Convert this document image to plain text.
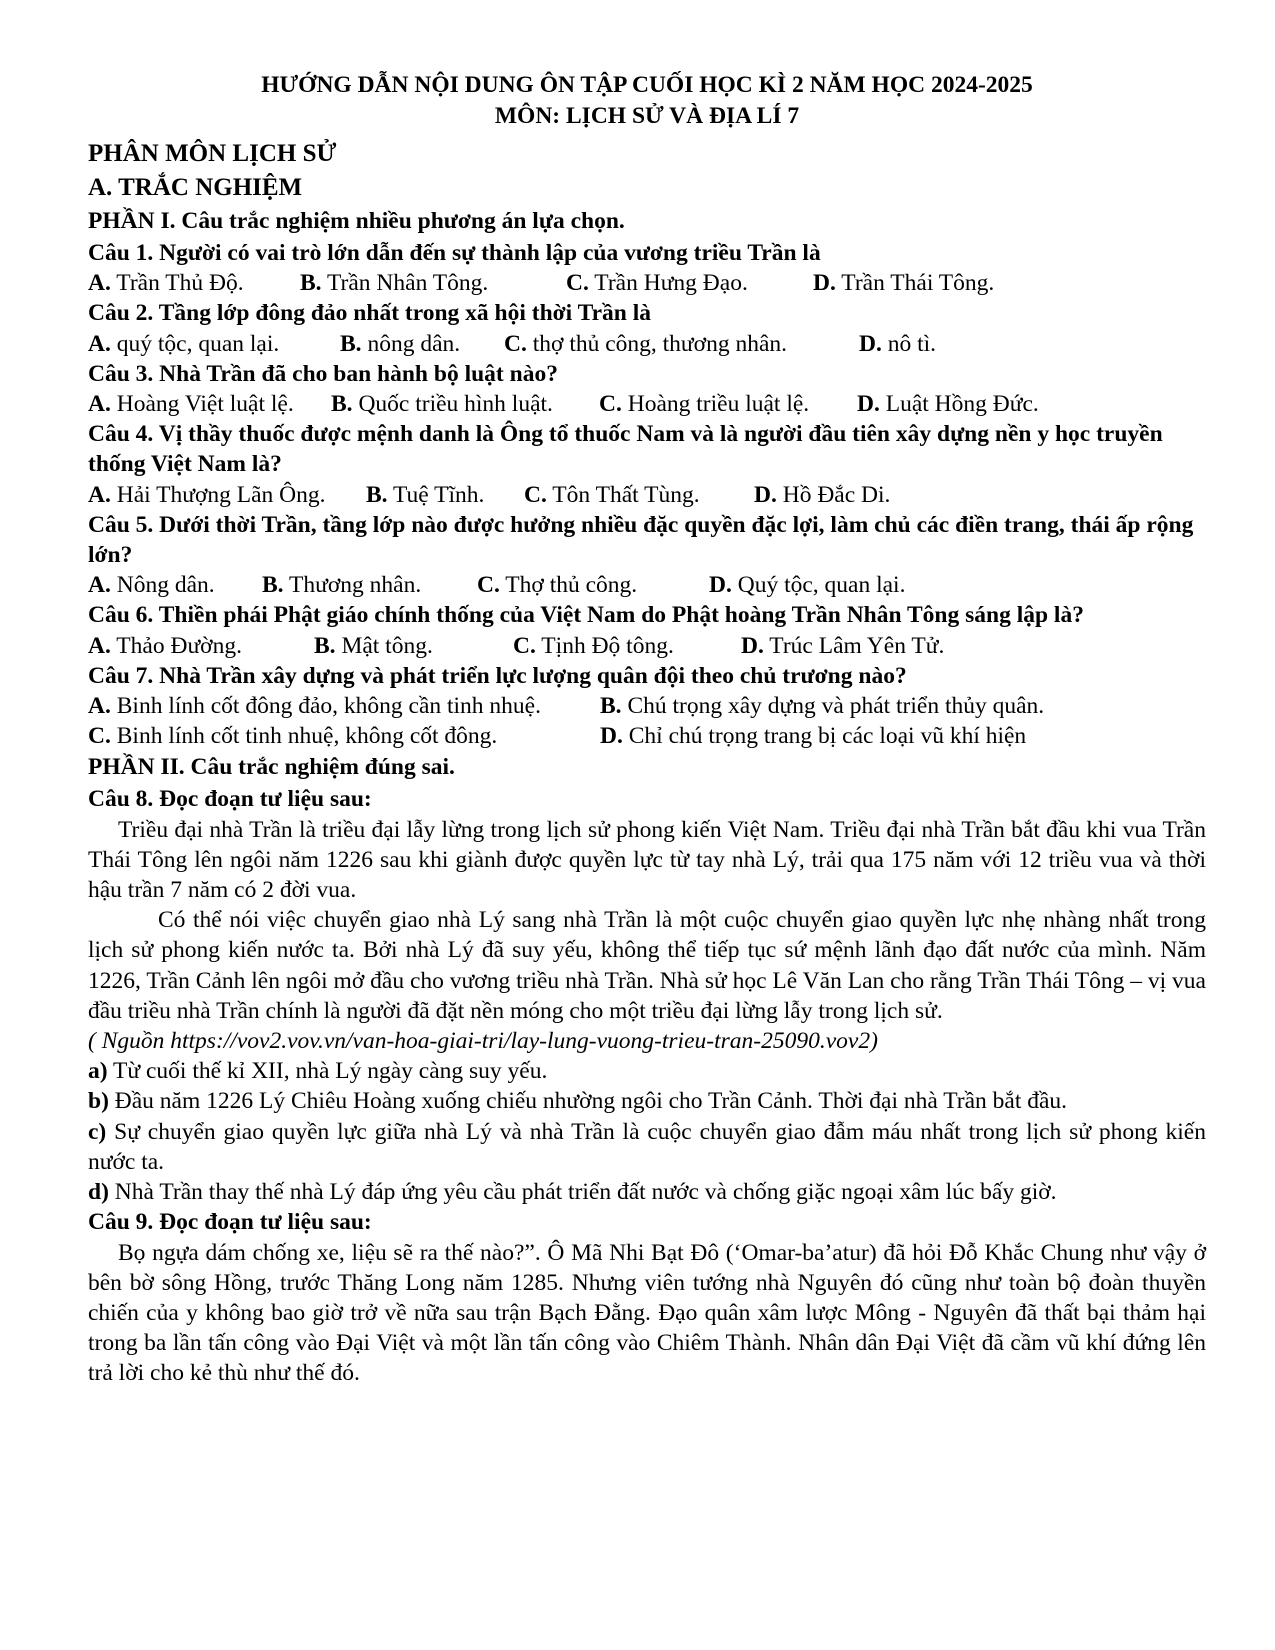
HƯỚNG DẪN NỘI DUNG ÔN TẬP CUỐI HỌC KÌ 2 NĂM HỌC 2024-2025
MÔN: LỊCH SỬ VÀ ĐỊA LÍ 7
PHÂN MÔN LỊCH SỬ
A. TRẮC NGHIỆM
PHẦN I. Câu trắc nghiệm nhiều phương án lựa chọn.
Câu 1. Người có vai trò lớn dẫn đến sự thành lập của vương triều Trần là
A. Trần Thủ Độ.	B. Trần Nhân Tông.	C. Trần Hưng Đạo.	D. Trần Thái Tông.
Câu 2. Tầng lớp đông đảo nhất trong xã hội thời Trần là
A. quý tộc, quan lại.	B. nông dân.	C. thợ thủ công, thương nhân.	D. nô tì.
Câu 3. Nhà Trần đã cho ban hành bộ luật nào?
A. Hoàng Việt luật lệ.	B. Quốc triều hình luật.	C. Hoàng triều luật lệ.	D. Luật Hồng Đức.
Câu 4. Vị thầy thuốc được mệnh danh là Ông tổ thuốc Nam và là người đầu tiên xây dựng nền y học truyền thống Việt Nam là?
A. Hải Thượng Lãn Ông.	B. Tuệ Tĩnh.	C. Tôn Thất Tùng.	D. Hồ Đắc Di.
Câu 5. Dưới thời Trần, tầng lớp nào được hưởng nhiều đặc quyền đặc lợi, làm chủ các điền trang, thái ấp rộng lớn?
A. Nông dân.	B. Thương nhân.	C. Thợ thủ công.	D. Quý tộc, quan lại.
Câu 6. Thiền phái Phật giáo chính thống của Việt Nam do Phật hoàng Trần Nhân Tông sáng lập là?
A. Thảo Đường.	B. Mật tông.	C. Tịnh Độ tông.	D. Trúc Lâm Yên Tử.
Câu 7. Nhà Trần xây dựng và phát triển lực lượng quân đội theo chủ trương nào?
A. Binh lính cốt đông đảo, không cần tinh nhuệ.	B. Chú trọng xây dựng và phát triển thủy quân.
C. Binh lính cốt tinh nhuệ, không cốt đông.	D. Chỉ chú trọng trang bị các loại vũ khí hiện
PHẦN II. Câu trắc nghiệm đúng sai.
Câu 8. Đọc đoạn tư liệu sau:
Triều đại nhà Trần là triều đại lẫy lừng trong lịch sử phong kiến Việt Nam. Triều đại nhà Trần bắt đầu khi vua Trần Thái Tông lên ngôi năm 1226 sau khi giành được quyền lực từ tay nhà Lý, trải qua 175 năm với 12 triều vua và thời hậu trần 7 năm có 2 đời vua.
Có thể nói việc chuyển giao nhà Lý sang nhà Trần là một cuộc chuyển giao quyền lực nhẹ nhàng nhất trong lịch sử phong kiến nước ta. Bởi nhà Lý đã suy yếu, không thể tiếp tục sứ mệnh lãnh đạo đất nước của mình. Năm 1226, Trần Cảnh lên ngôi mở đầu cho vương triều nhà Trần. Nhà sử học Lê Văn Lan cho rằng Trần Thái Tông – vị vua đầu triều nhà Trần chính là người đã đặt nền móng cho một triều đại lừng lẫy trong lịch sử.
( Nguồn https://vov2.vov.vn/van-hoa-giai-tri/lay-lung-vuong-trieu-tran-25090.vov2)
a) Từ cuối thế kỉ XII, nhà Lý ngày càng suy yếu.
b) Đầu năm 1226 Lý Chiêu Hoàng xuống chiếu nhường ngôi cho Trần Cảnh. Thời đại nhà Trần bắt đầu.
c) Sự chuyển giao quyền lực giữa nhà Lý và nhà Trần là cuộc chuyển giao đẫm máu nhất trong lịch sử phong kiến nước ta.
d) Nhà Trần thay thế nhà Lý đáp ứng yêu cầu phát triển đất nước và chống giặc ngoại xâm lúc bấy giờ.
Câu 9. Đọc đoạn tư liệu sau:
Bọ ngựa dám chống xe, liệu sẽ ra thế nào?”. Ô Mã Nhi Bạt Đô (‘Omar-ba’atur) đã hỏi Đỗ Khắc Chung như vậy ở bên bờ sông Hồng, trước Thăng Long năm 1285. Nhưng viên tướng nhà Nguyên đó cũng như toàn bộ đoàn thuyền chiến của y không bao giờ trở về nữa sau trận Bạch Đằng. Đạo quân xâm lược Mông - Nguyên đã thất bại thảm hại trong ba lần tấn công vào Đại Việt và một lần tấn công vào Chiêm Thành. Nhân dân Đại Việt đã cầm vũ khí đứng lên trả lời cho kẻ thù như thế đó.
